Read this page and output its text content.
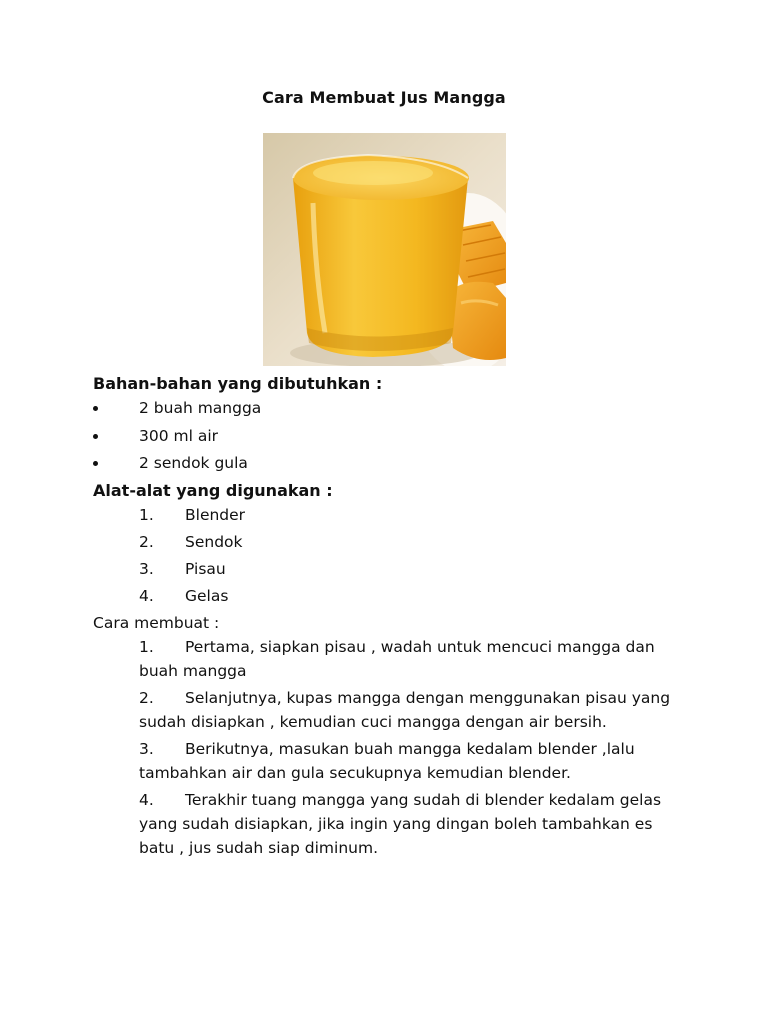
Cara Membuat Jus Mangga
Bahan-bahan yang dibutuhkan :
2 buah mangga
300 ml air
2 sendok gula
Alat-alat yang digunakan :
1. Blender
2. Sendok
3. Pisau
4. Gelas

Cara membuat :

1. Pertama, siapkan pisau , wadah untuk mencuci mangga dan buah mangga
2. Selanjutnya, kupas mangga dengan menggunakan pisau yang sudah disiapkan , kemudian cuci mangga dengan air bersih.
3. Berikutnya, masukan buah mangga kedalam blender ,lalu tambahkan air dan gula secukupnya kemudian blender.
4. Terakhir tuang mangga yang sudah di blender kedalam gelas yang sudah disiapkan, jika ingin yang dingan boleh tambahkan es batu , jus sudah siap diminum.
